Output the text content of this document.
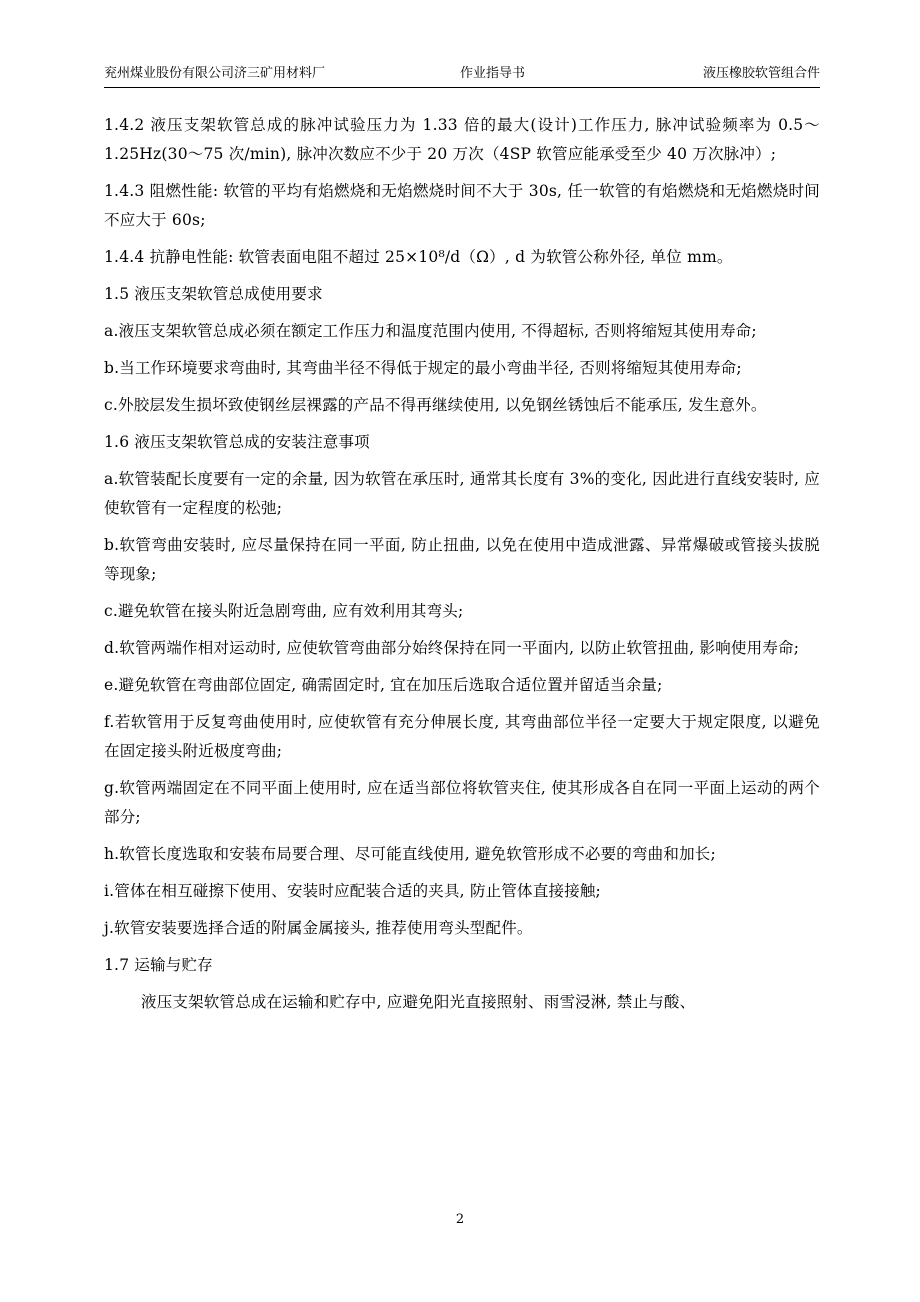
兖州煤业股份有限公司济三矿用材料厂	作业指导书	液压橡胶软管组合件

1.4.2 液压支架软管总成的脉冲试验压力为 1.33 倍的最大(设计)工作压力, 脉冲试验频率为 0.5～1.25Hz(30～75 次/min), 脉冲次数应不少于 20 万次（4SP 软管应能承受至少 40 万次脉冲）;

1.4.3 阻燃性能: 软管的平均有焰燃烧和无焰燃烧时间不大于 30s, 任一软管的有焰燃烧和无焰燃烧时间不应大于 60s;

1.4.4 抗静电性能: 软管表面电阻不超过 25×10⁸/d（Ω）, d 为软管公称外径, 单位 mm。

1.5 液压支架软管总成使用要求

a.液压支架软管总成必须在额定工作压力和温度范围内使用, 不得超标, 否则将缩短其使用寿命;

b.当工作环境要求弯曲时, 其弯曲半径不得低于规定的最小弯曲半径, 否则将缩短其使用寿命;

c.外胶层发生损坏致使钢丝层裸露的产品不得再继续使用, 以免钢丝锈蚀后不能承压, 发生意外。

1.6 液压支架软管总成的安装注意事项

a.软管装配长度要有一定的余量, 因为软管在承压时, 通常其长度有 3%的变化, 因此进行直线安装时, 应使软管有一定程度的松弛;

b.软管弯曲安装时, 应尽量保持在同一平面, 防止扭曲, 以免在使用中造成泄露、异常爆破或管接头拔脱等现象;

c.避免软管在接头附近急剧弯曲, 应有效利用其弯头;

d.软管两端作相对运动时, 应使软管弯曲部分始终保持在同一平面内, 以防止软管扭曲, 影响使用寿命;

e.避免软管在弯曲部位固定, 确需固定时, 宜在加压后选取合适位置并留适当余量;

f.若软管用于反复弯曲使用时, 应使软管有充分伸展长度, 其弯曲部位半径一定要大于规定限度, 以避免在固定接头附近极度弯曲;

g.软管两端固定在不同平面上使用时, 应在适当部位将软管夹住, 使其形成各自在同一平面上运动的两个部分;

h.软管长度选取和安装布局要合理、尽可能直线使用, 避免软管形成不必要的弯曲和加长;

i.管体在相互碰擦下使用、安装时应配装合适的夹具, 防止管体直接接触;

j.软管安装要选择合适的附属金属接头, 推荐使用弯头型配件。

1.7 运输与贮存

液压支架软管总成在运输和贮存中, 应避免阳光直接照射、雨雪浸淋, 禁止与酸、

2
